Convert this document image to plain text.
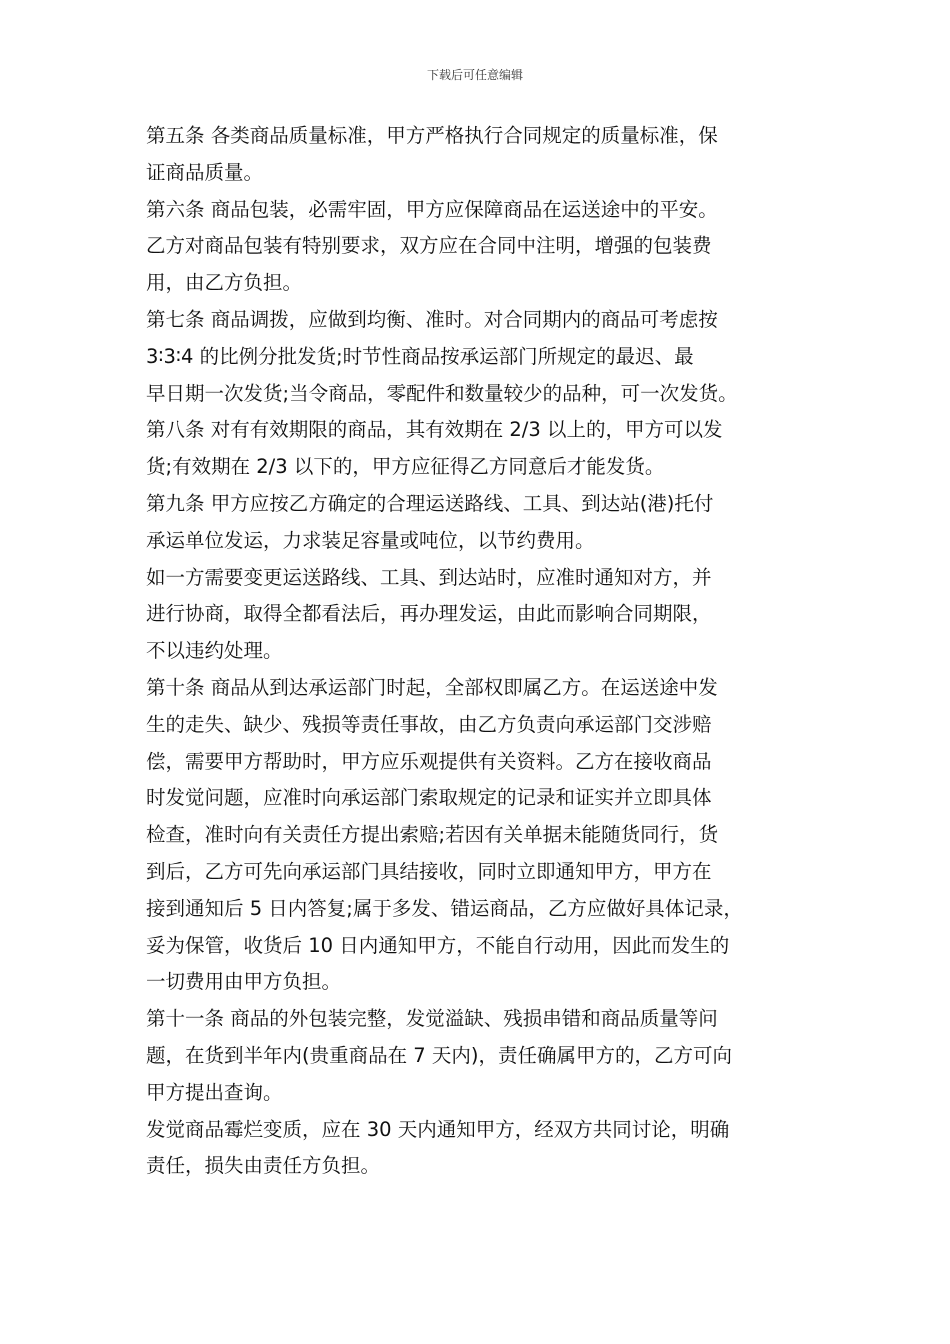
下载后可任意编辑
第五条 各类商品质量标准，甲方严格执行合同规定的质量标准，保
证商品质量。
第六条 商品包装，必需牢固，甲方应保障商品在运送途中的平安。
乙方对商品包装有特别要求，双方应在合同中注明，增强的包装费
用，由乙方负担。
第七条 商品调拨，应做到均衡、准时。对合同期内的商品可考虑按
3∶3∶4 的比例分批发货;时节性商品按承运部门所规定的最迟、最
早日期一次发货;当令商品，零配件和数量较少的品种，可一次发货。
第八条 对有有效期限的商品，其有效期在 2/3 以上的，甲方可以发
货;有效期在 2/3 以下的，甲方应征得乙方同意后才能发货。
第九条 甲方应按乙方确定的合理运送路线、工具、到达站(港)托付
承运单位发运，力求装足容量或吨位，以节约费用。
如一方需要变更运送路线、工具、到达站时，应准时通知对方，并
进行协商，取得全都看法后，再办理发运，由此而影响合同期限，
不以违约处理。
第十条 商品从到达承运部门时起，全部权即属乙方。在运送途中发
生的走失、缺少、残损等责任事故，由乙方负责向承运部门交涉赔
偿，需要甲方帮助时，甲方应乐观提供有关资料。乙方在接收商品
时发觉问题，应准时向承运部门索取规定的记录和证实并立即具体
检查，准时向有关责任方提出索赔;若因有关单据未能随货同行，货
到后，乙方可先向承运部门具结接收，同时立即通知甲方，甲方在
接到通知后 5 日内答复;属于多发、错运商品，乙方应做好具体记录，
妥为保管，收货后 10 日内通知甲方，不能自行动用，因此而发生的
一切费用由甲方负担。
第十一条 商品的外包装完整，发觉溢缺、残损串错和商品质量等问
题，在货到半年内(贵重商品在 7 天内)，责任确属甲方的，乙方可向
甲方提出查询。
发觉商品霉烂变质，应在 30 天内通知甲方，经双方共同讨论，明确
责任，损失由责任方负担。
